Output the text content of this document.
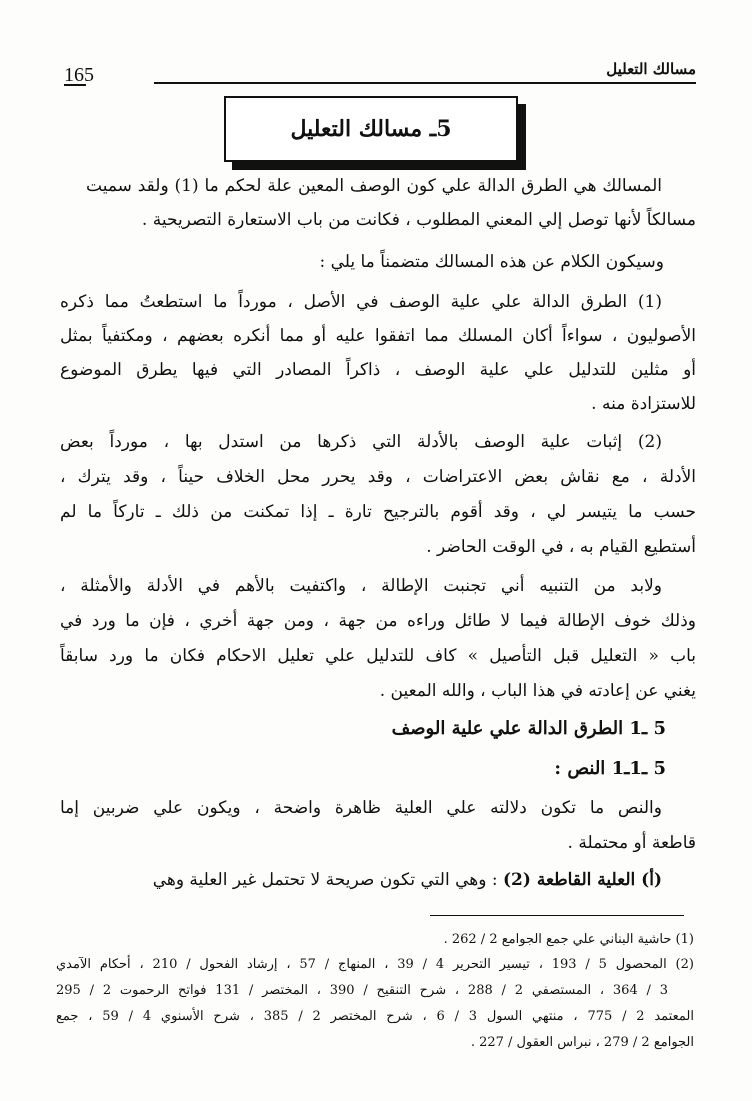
مسالك التعليل
165
5ـ مسالك التعليل
المسالك هي الطرق الدالة علي كون الوصف المعين علة لحكم ما (1) ولقد سميت
مسالكاً لأنها توصل إلي المعني المطلوب ، فكانت من باب الاستعارة التصريحية .
وسيكون الكلام عن هذه المسالك متضمناً ما يلي :
(1) الطرق الدالة علي علية الوصف في الأصل ، مورداً ما استطعتُ مما ذكره
الأصوليون ، سواءاً أكان المسلك مما اتفقوا عليه أو مما أنكره بعضهم ، ومكتفياً بمثل
أو مثلين للتدليل علي علية الوصف ، ذاكراً المصادر التي فيها يطرق الموضوع
للاستزادة منه .
(2) إثبات علية الوصف بالأدلة التي ذكرها من استدل بها ، مورداً بعض
الأدلة ، مع نقاش بعض الاعتراضات ، وقد يحرر محل الخلاف حيناً ، وقد يترك ،
حسب ما يتيسر لي ، وقد أقوم بالترجيح تارة ـ إذا تمكنت من ذلك ـ تاركاً ما لم
أستطيع القيام به ، في الوقت الحاضر .
ولابد من التنبيه أني تجنبت الإطالة ، واكتفيت بالأهم في الأدلة والأمثلة ،
وذلك خوف الإطالة فيما لا طائل وراءه من جهة ، ومن جهة أخري ، فإن ما ورد في
باب « التعليل قبل التأصيل » كاف للتدليل علي تعليل الاحكام فكان ما ورد سابقاً
يغني عن إعادته في هذا الباب ، والله المعين .
5 ـ1 الطرق الدالة علي علية الوصف
5 ـ1ـ1 النص :
والنص ما تكون دلالته علي العلية ظاهرة واضحة ، ويكون علي ضربين إما
قاطعة أو محتملة .
(أ) العلية القاطعة (2) : وهي التي تكون صريحة لا تحتمل غير العلية وهي
(1) حاشية البناني علي جمع الجوامع 2 / 262 .
(2) المحصول 5 / 193 ، تيسير التحرير 4 / 39 ، المنهاج / 57 ، إرشاد الفحول / 210 ، أحكام الآمدي
3 / 364 ، المستصفي 2 / 288 ، شرح التنقيح / 390 ، المختصر / 131 فواتح الرحموت 2 / 295
المعتمد 2 / 775 ، منتهي السول 3 / 6 ، شرح المختصر 2 / 385 ، شرح الأسنوي 4 / 59 ، جمع
الجوامع 2 / 279 ، نبراس العقول / 227 .
